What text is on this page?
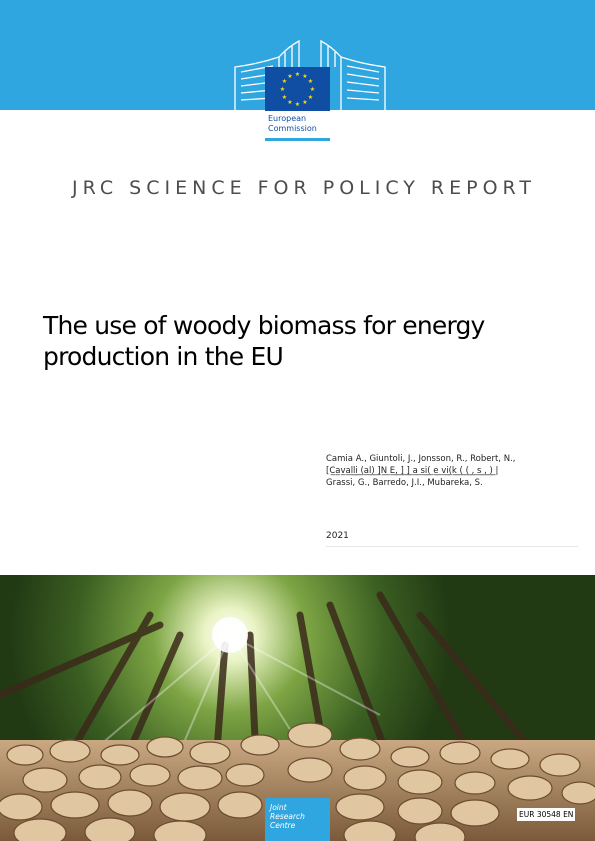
★ ★
★
★
★
★
★
★
★
★
★
★
European
Commission
JRC SCIENCE FOR POLICY REPORT
The use of woody biomass for energy
production in the EU
Camia A., Giuntoli, J., Jonsson, R., Robert, N.,
[C̲a̲v̲a̲l̲l̲i̲ ̲(̲a̲l̲)̲ ̲]̲N̲ ̲E̲,̲ ̲]̲ ̲]̲ ̲a̲ ̲s̲i̲(̲ ̲e̲ ̲v̲i̲(̲k̲ ̲(̲ ̲(̲ ̲,̲ ̲s̲ ̲,̲ ̲)̲ ̲|
Grassi, G., Barredo, J.I., Mubareka, S.
2021
Joint
Research
Centre
EUR 30548 EN
